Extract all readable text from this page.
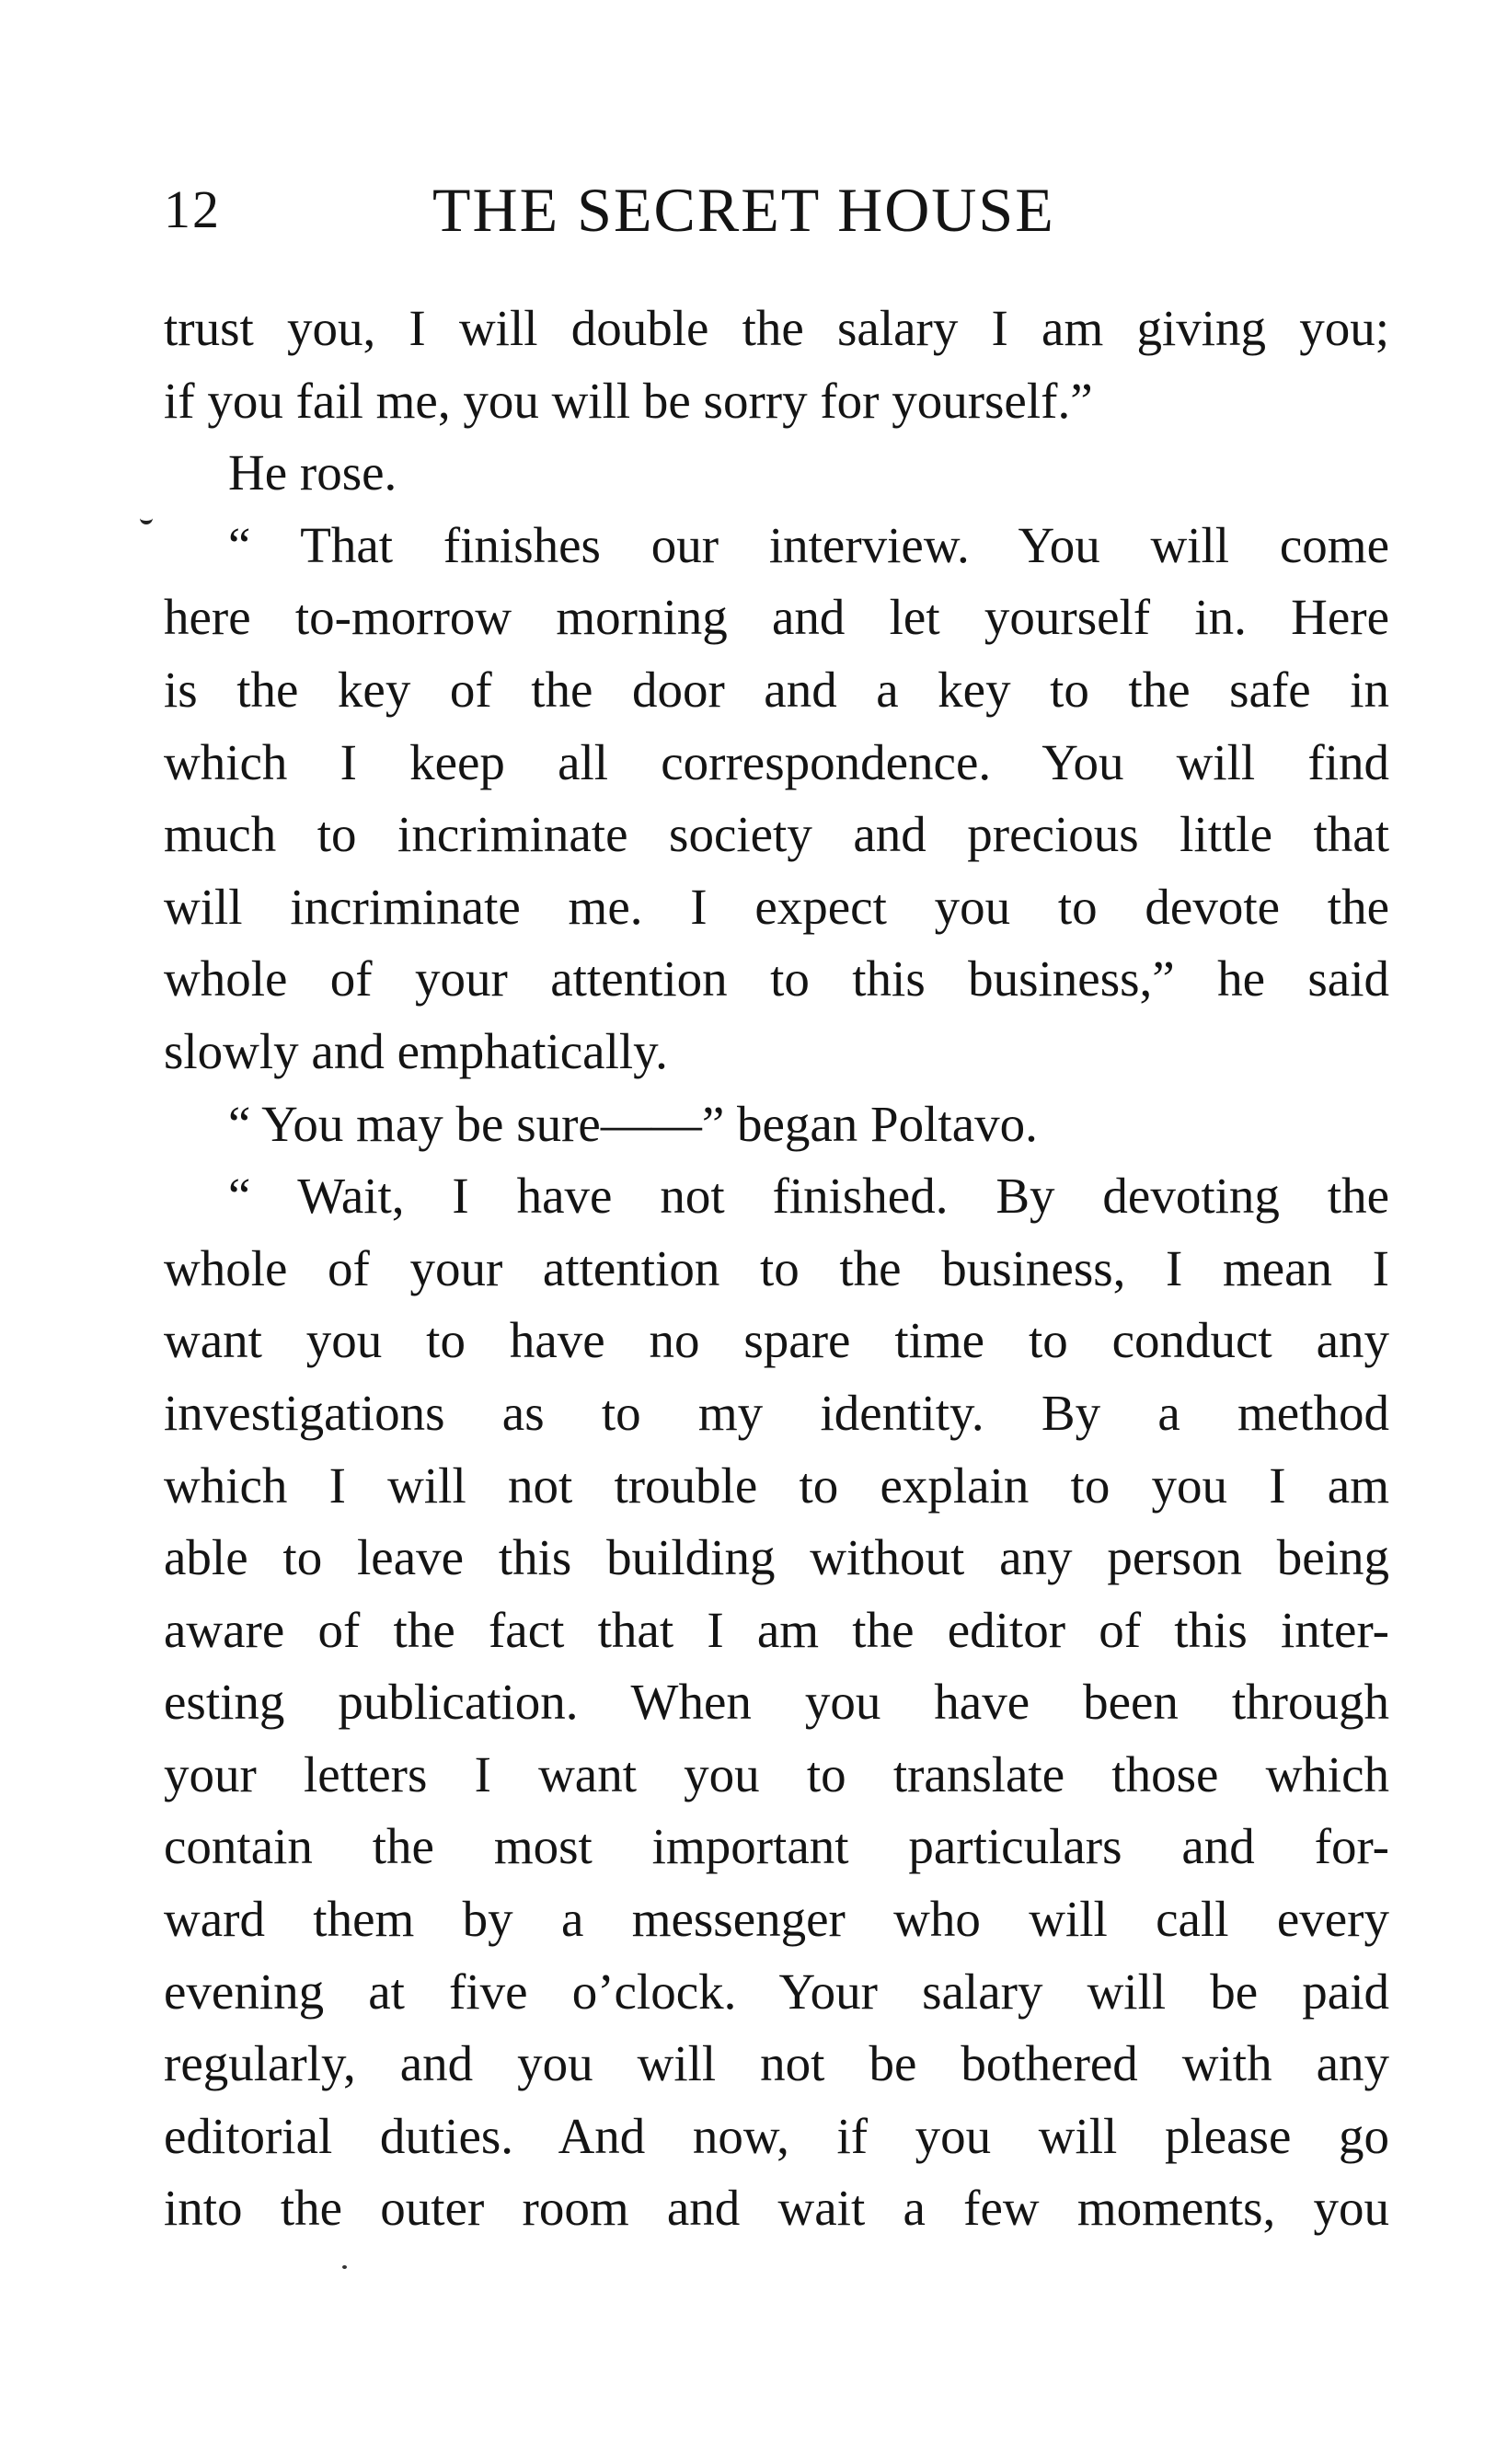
12	THE SECRET HOUSE
trust you, I will double the salary I am giving you;
if you fail me, you will be sorry for yourself.”
He rose.
“ That finishes our interview. You will come
here to-morrow morning and let yourself in. Here
is the key of the door and a key to the safe in
which I keep all correspondence. You will find
much to incriminate society and precious little that
will incriminate me. I expect you to devote the
whole of your attention to this business,” he said
slowly and emphatically.
“ You may be sure——” began Poltavo.
“ Wait, I have not finished. By devoting the
whole of your attention to the business, I mean I
want you to have no spare time to conduct any
investigations as to my identity. By a method
which I will not trouble to explain to you I am
able to leave this building without any person being
aware of the fact that I am the editor of this inter-
esting publication. When you have been through
your letters I want you to translate those which
contain the most important particulars and for-
ward them by a messenger who will call every
evening at five o’clock. Your salary will be paid
regularly, and you will not be bothered with any
editorial duties. And now, if you will please go
into the outer room and wait a few moments, you
